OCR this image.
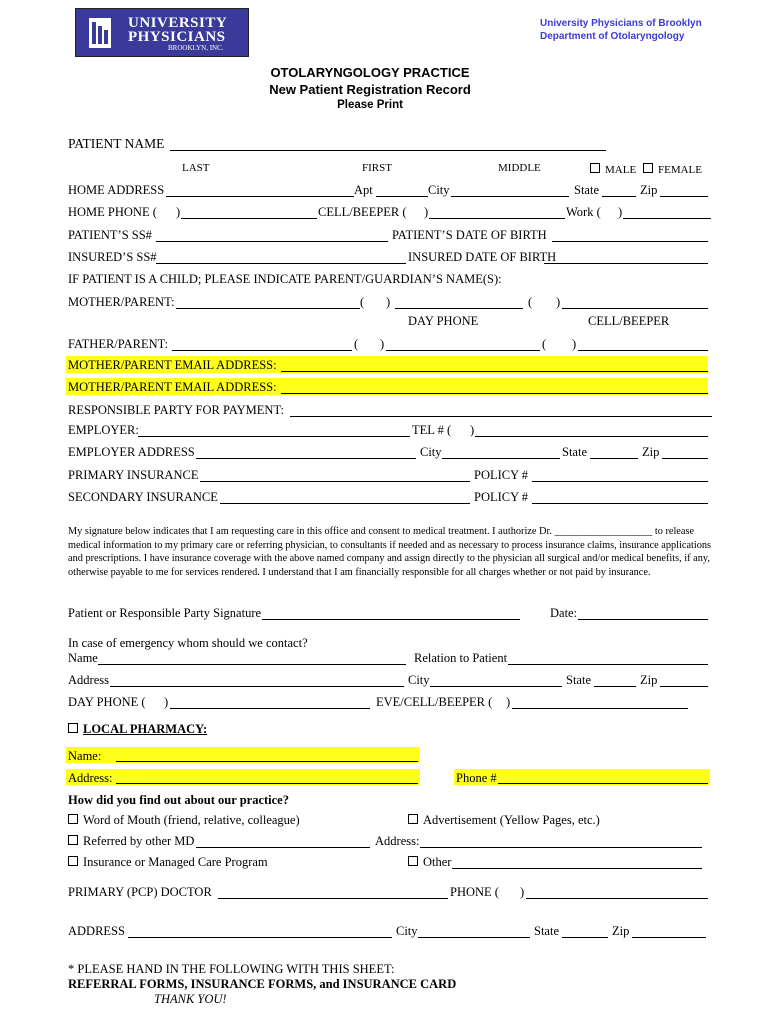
UNIVERSITY
PHYSICIANS
BROOKLYN, INC.
University Physicians of Brooklyn
Department of Otolaryngology
OTOLARYNGOLOGY PRACTICE
New Patient Registration Record
Please Print
PATIENT NAME
LAST	FIRST	MIDDLE	MALE	FEMALE
HOME ADDRESS	Apt	City	State	Zip
HOME PHONE ( )	CELL/BEEPER ( )	Work ( )
PATIENT’S SS#	PATIENT’S DATE OF BIRTH
INSURED’S SS#	INSURED DATE OF BIRTH
IF PATIENT IS A CHILD; PLEASE INDICATE PARENT/GUARDIAN’S NAME(S):
MOTHER/PARENT:	( )	( )
DAY PHONE	CELL/BEEPER
FATHER/PARENT:	( )	( )
MOTHER/PARENT EMAIL ADDRESS:
MOTHER/PARENT EMAIL ADDRESS:
RESPONSIBLE PARTY FOR PAYMENT:
EMPLOYER:	TEL # ( )
EMPLOYER ADDRESS	City	State	Zip
PRIMARY INSURANCE	POLICY #
SECONDARY INSURANCE	POLICY #
My signature below indicates that I am requesting care in this office and consent to medical treatment. I authorize Dr. ___________________ to release medical information to my primary care or referring physician, to consultants if needed and as necessary to process insurance claims, insurance applications and prescriptions. I have insurance coverage with the above named company and assign directly to the physician all surgical and/or medical benefits, if any, otherwise payable to me for services rendered. I understand that I am financially responsible for all charges whether or not paid by insurance.
Patient or Responsible Party Signature	Date:
In case of emergency whom should we contact?
Name	Relation to Patient
Address	City	State	Zip
DAY PHONE ( )	EVE/CELL/BEEPER ( )
LOCAL PHARMACY:
Name:
Address:	Phone #
How did you find out about our practice?
Word of Mouth (friend, relative, colleague)	Advertisement (Yellow Pages, etc.)
Referred by other MD	Address:
Insurance or Managed Care Program	Other
PRIMARY (PCP) DOCTOR	PHONE ( )
ADDRESS	City	State	Zip
* PLEASE HAND IN THE FOLLOWING WITH THIS SHEET:
REFERRAL FORMS, INSURANCE FORMS, and INSURANCE CARD
THANK YOU!
